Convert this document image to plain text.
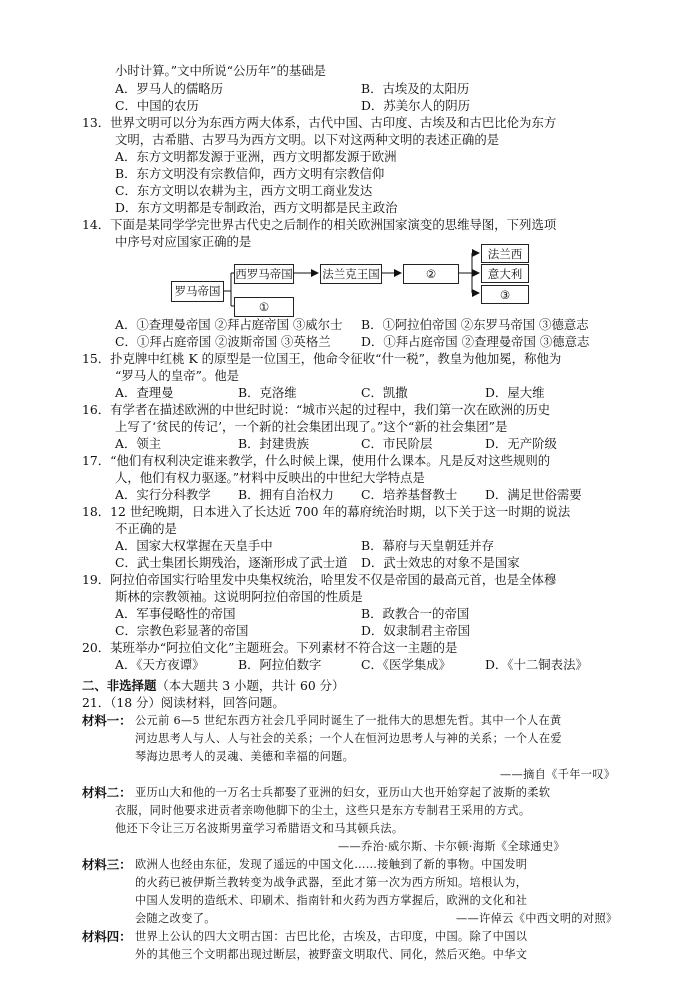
小时计算。”文中所说“公历年”的基础是
A．罗马人的儒略历	B．古埃及的太阳历
C．中国的农历	D．苏美尔人的阴历
13．世界文明可以分为东西方两大体系，古代中国、古印度、古埃及和古巴比伦为东方
文明，古希腊、古罗马为西方文明。以下对这两种文明的表述正确的是
A．东方文明都发源于亚洲，西方文明都发源于欧洲
B．东方文明没有宗教信仰，西方文明有宗教信仰
C．东方文明以农耕为主，西方文明工商业发达
D．东方文明都是专制政治，西方文明都是民主政治
14．下面是某同学学完世界古代史之后制作的相关欧洲国家演变的思维导图，下列选项
中序号对应国家正确的是
罗马帝国
西罗马帝国
①
法兰克王国	②
法兰西
意大利
③
A．①查理曼帝国 ②拜占庭帝国 ③威尔士 B．①阿拉伯帝国 ②东罗马帝国 ③德意志
C．①拜占庭帝国 ②波斯帝国 ③英格兰 D．①拜占庭帝国 ②查理曼帝国 ③德意志
15．扑克牌中红桃 K 的原型是一位国王，他命令征收“什一税”，教皇为他加冕，称他为
“罗马人的皇帝”。他是
A．查理曼	B．克洛维	C．凯撒	D．屋大维
16．有学者在描述欧洲的中世纪时说：“城市兴起的过程中，我们第一次在欧洲的历史
上写了‘贫民的传记’，一个新的社会集团出现了。”这个“新的社会集团”是
A．领主	B．封建贵族	C．市民阶层	D．无产阶级
17．“他们有权利决定谁来教学，什么时候上课，使用什么课本。凡是反对这些规则的
人，他们有权力驱逐。”材料中反映出的中世纪大学特点是
A．实行分科教学 B．拥有自治权力 C．培养基督教士 D．满足世俗需要
18．12 世纪晚期，日本进入了长达近 700 年的幕府统治时期，以下关于这一时期的说法
不正确的是
A．国家大权掌握在天皇手中	B．幕府与天皇朝廷并存
C．武士集团长期残治，逐渐形成了武士道 D．武士效忠的对象不是国家
19．阿拉伯帝国实行哈里发中央集权统治，哈里发不仅是帝国的最高元首，也是全体穆
斯林的宗教领袖。这说明阿拉伯帝国的性质是
A．军事侵略性的帝国	B．政教合一的帝国
C．宗教色彩显著的帝国	D．奴隶制君主帝国
20．某班举办“阿拉伯文化”主题班会。下列素材不符合这一主题的是
A．《天方夜谭》	B．阿拉伯数字	C．《医学集成》	D．《十二铜表法》
二、非选择题（本大题共 3 小题，共计 60 分）
21．（18 分）阅读材料，回答问题。
材料一： 公元前 6—5 世纪东西方社会几乎同时诞生了一批伟大的思想先哲。其中一个人在黄
河边思考人与人、人与社会的关系；一个人在恒河边思考人与神的关系；一个人在爱
琴海边思考人的灵魂、美德和幸福的问题。
——摘自《千年一叹》
材料二： 亚历山大和他的一万名士兵都娶了亚洲的妇女，亚历山大也开始穿起了波斯的柔软
衣服，同时他要求进贡者亲吻他脚下的尘土，这些只是东方专制君王采用的方式。
他还下令让三万名波斯男童学习希腊语文和马其顿兵法。
——乔治·威尔斯、卡尔顿·海斯《全球通史》
材料三： 欧洲人也经由东征，发现了遥远的中国文化……接触到了新的事物。中国发明
的火药已被伊斯兰教转变为战争武器，至此才第一次为西方所知。培根认为，
中国人发明的造纸术、印刷术、指南针和火药为西方掌握后，欧洲的文化和社
会随之改变了。	——许倬云《中西文明的对照》
材料四： 世界上公认的四大文明古国：古巴比伦，古埃及，古印度，中国。除了中国以
外的其他三个文明都出现过断层，被野蛮文明取代、同化，然后灭绝。中华文
